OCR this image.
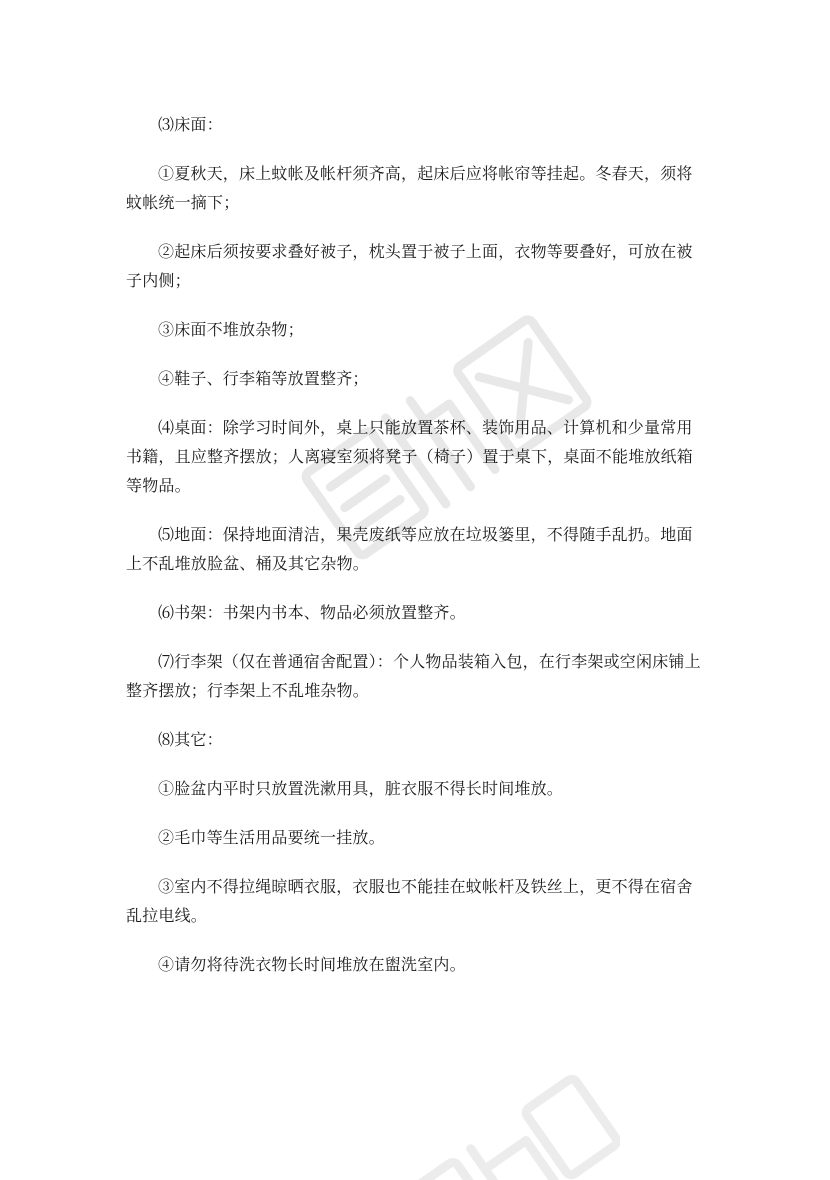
⑶床面：

①夏秋天，床上蚊帐及帐杆须齐高，起床后应将帐帘等挂起。冬春天，须将蚊帐统一摘下；

②起床后须按要求叠好被子，枕头置于被子上面，衣物等要叠好，可放在被子内侧；

③床面不堆放杂物；

④鞋子、行李箱等放置整齐；

⑷桌面：除学习时间外，桌上只能放置茶杯、装饰用品、计算机和少量常用书籍，且应整齐摆放；人离寝室须将凳子（椅子）置于桌下，桌面不能堆放纸箱等物品。

⑸地面：保持地面清洁，果壳废纸等应放在垃圾篓里，不得随手乱扔。地面上不乱堆放脸盆、桶及其它杂物。

⑹书架：书架内书本、物品必须放置整齐。

⑺行李架（仅在普通宿舍配置）：个人物品装箱入包，在行李架或空闲床铺上整齐摆放；行李架上不乱堆杂物。

⑻其它：

①脸盆内平时只放置洗漱用具，脏衣服不得长时间堆放。

②毛巾等生活用品要统一挂放。

③室内不得拉绳晾晒衣服，衣服也不能挂在蚊帐杆及铁丝上，更不得在宿舍乱拉电线。

④请勿将待洗衣物长时间堆放在盥洗室内。
